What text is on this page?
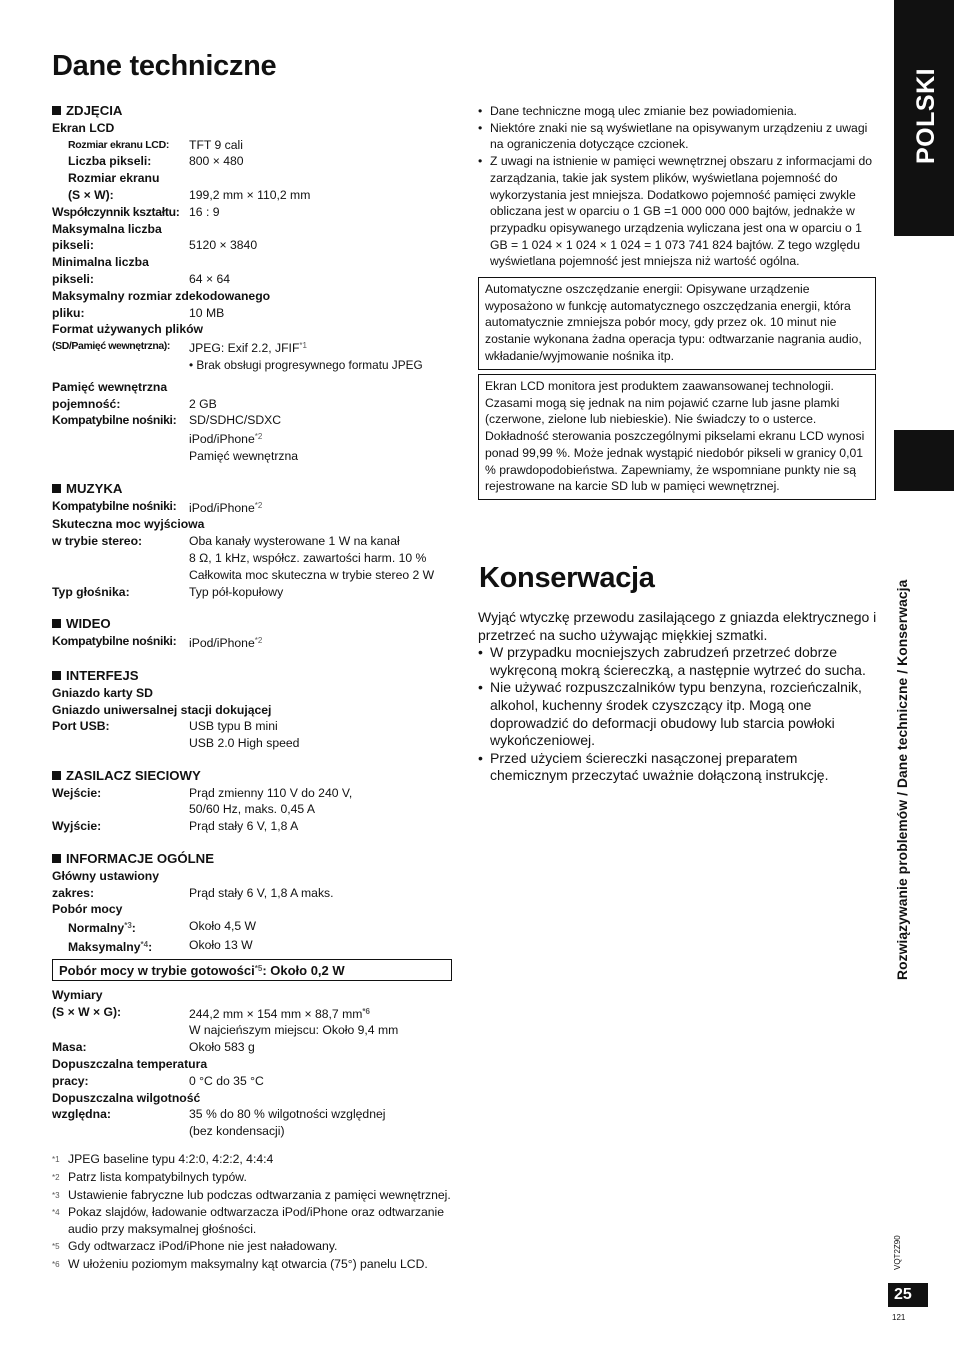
Dane techniczne
ZDJĘCIA
Ekran LCD
Rozmiar ekranu LCD:	TFT 9 cali
Liczba pikseli:	800 × 480
Rozmiar ekranu
(S × W):	199,2 mm × 110,2 mm
Współczynnik kształtu: 16 : 9
Maksymalna liczba
pikseli:	5120 × 3840
Minimalna liczba
pikseli:	64 × 64
Maksymalny rozmiar zdekodowanego
pliku:	10 MB
Format używanych plików
(SD/Pamięć wewnętrzna):	JPEG: Exif 2.2, JFIF$^{*1}$
• Brak obsługi progresywnego formatu JPEG
Pamięć wewnętrzna
pojemność:	2 GB
Kompatybilne nośniki:	SD/SDHC/SDXC
iPod/iPhone$^{*2}$
Pamięć wewnętrzna
MUZYKA
Kompatybilne nośniki:	iPod/iPhone$^{*2}$
Skuteczna moc wyjściowa
w trybie stereo:	Oba kanały wysterowane 1 W na kanał
8 Ω, 1 kHz, współcz. zawartości harm. 10 %
Całkowita moc skuteczna w trybie stereo 2 W
Typ głośnika:	Typ pół-kopułowy
WIDEO
Kompatybilne nośniki:	iPod/iPhone$^{*2}$
INTERFEJS
Gniazdo karty SD
Gniazdo uniwersalnej stacji dokującej
Port USB:	USB typu B mini
USB 2.0 High speed
ZASILACZ SIECIOWY
Wejście:	Prąd zmienny 110 V do 240 V,
50/60 Hz, maks. 0,45 A
Wyjście:	Prąd stały 6 V, 1,8 A
INFORMACJE OGÓLNE
Główny ustawiony
zakres:	Prąd stały 6 V, 1,8 A maks.
Pobór mocy
Normalny$^{*3}$:	Około 4,5 W
Maksymalny$^{*4}$:	Około 13 W
Pobór mocy w trybie gotowości$^{*5}$: Około 0,2 W
Wymiary
(S × W × G):	244,2 mm × 154 mm × 88,7 $mm^{*6}$
W najcieńszym miejscu: Około 9,4 mm
Masa:	Około 583 g
Dopuszczalna temperatura
pracy:	0 °C do 35 °C
Dopuszczalna wilgotność
względna:	35 % do 80 % wilgotności względnej
(bez kondensacji)
*1 JPEG baseline typu 4:2:0, 4:2:2, 4:4:4
*2 Patrz lista kompatybilnych typów.
*3 Ustawienie fabryczne lub podczas odtwarzania z pamięci wewnętrznej.
*4 Pokaz slajdów, ładowanie odtwarzacza iPod/iPhone oraz odtwarzanie audio przy maksymalnej głośności.
*5 Gdy odtwarzacz iPod/iPhone nie jest naładowany.
*6 W ułożeniu poziomym maksymalny kąt otwarcia (75°) panelu LCD.
• Dane techniczne mogą ulec zmianie bez powiadomienia.
• Niektóre znaki nie są wyświetlane na opisywanym urządzeniu z uwagi na ograniczenia dotyczące czcionek.
• Z uwagi na istnienie w pamięci wewnętrznej obszaru z informacjami do zarządzania, takie jak system plików, wyświetlana pojemność do wykorzystania jest mniejsza. Dodatkowo pojemność pamięci zwykle obliczana jest w oparciu o 1 GB =1 000 000 000 bajtów, jednakże w przypadku opisywanego urządzenia wyliczana jest ona w oparciu o 1 GB = 1 024 × 1 024 × 1 024 = 1 073 741 824 bajtów. Z tego względu wyświetlana pojemność jest mniejsza niż wartość ogólna.
Automatyczne oszczędzanie energii: Opisywane urządzenie wyposażono w funkcję automatycznego oszczędzania energii, która automatycznie zmniejsza pobór mocy, gdy przez ok. 10 minut nie zostanie wykonana żadna operacja typu: odtwarzanie nagrania audio, wkładanie/wyjmowanie nośnika itp.
Ekran LCD monitora jest produktem zaawansowanej technologii. Czasami mogą się jednak na nim pojawić czarne lub jasne plamki (czerwone, zielone lub niebieskie). Nie świadczy to o usterce. Dokładność sterowania poszczególnymi pikselami ekranu LCD wynosi ponad 99,99 %. Może jednak wystąpić niedobór pikseli w granicy 0,01 % prawdopodobieństwa. Zapewniamy, że wspomniane punkty nie są rejestrowane na karcie SD lub w pamięci wewnętrznej.
Konserwacja
Wyjąć wtyczkę przewodu zasilającego z gniazda elektrycznego i przetrzeć na sucho używając miękkiej szmatki.
• W przypadku mocniejszych zabrudzeń przetrzeć dobrze wykręconą mokrą ściereczką, a następnie wytrzeć do sucha.
• Nie używać rozpuszczalników typu benzyna, rozcieńczalnik, alkohol, kuchenny środek czyszczący itp. Mogą one doprowadzić do deformacji obudowy lub starcia powłoki wykończeniowej.
• Przed użyciem ściereczki nasączonej preparatem chemicznym przeczytać uważnie dołączoną instrukcję.
POLSKI
Rozwiązywanie problemów / Dane techniczne / Konserwacja
VQT2Z90
25
121
